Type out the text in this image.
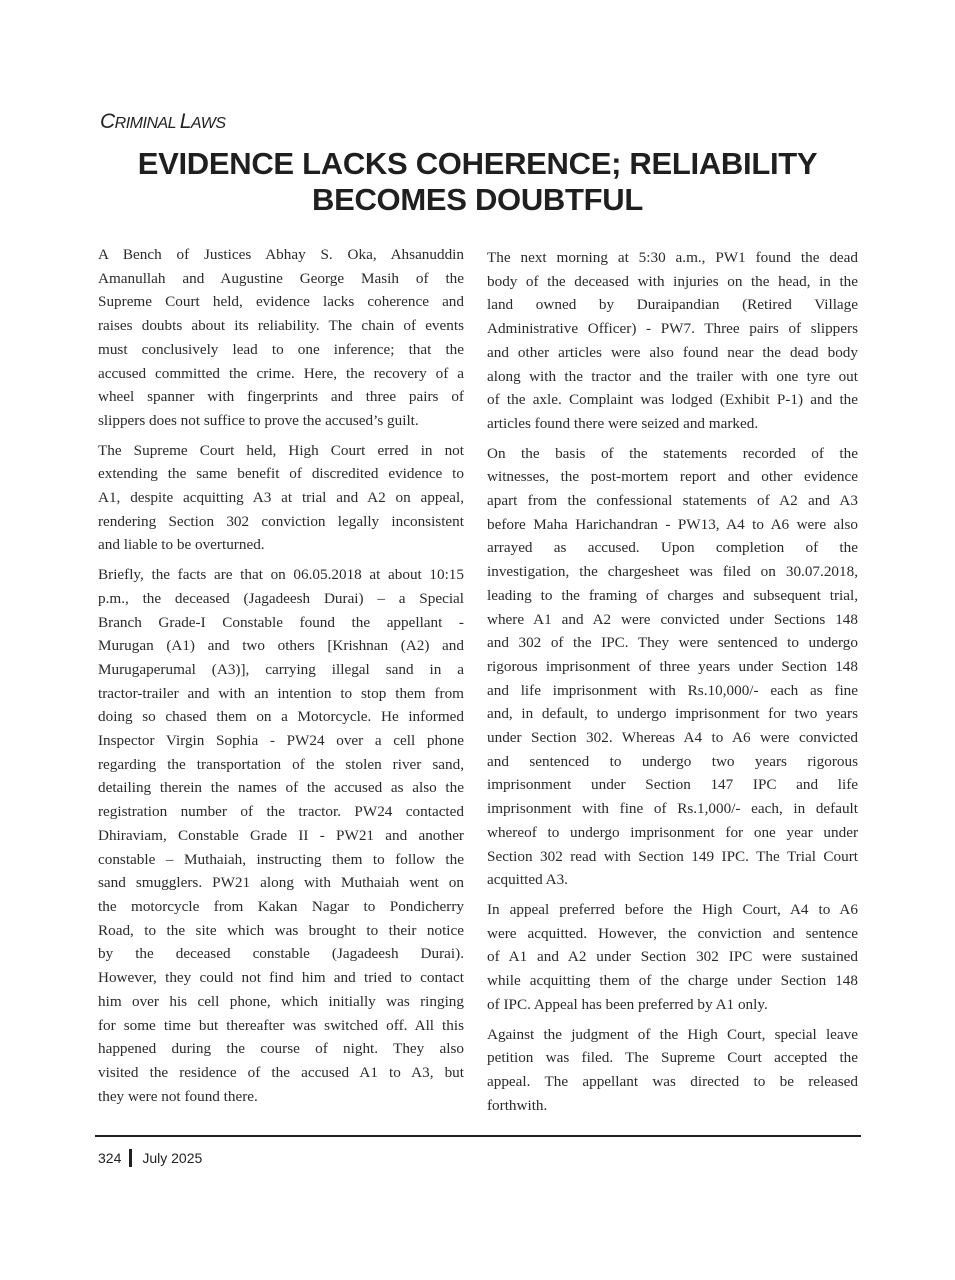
CRIMINAL LAWS
EVIDENCE LACKS COHERENCE; RELIABILITY
BECOMES DOUBTFUL
A Bench of Justices Abhay S. Oka, Ahsanuddin
Amanullah and Augustine George Masih of the
Supreme Court held, evidence lacks coherence and
raises doubts about its reliability. The chain of events
must conclusively lead to one inference; that the
accused committed the crime. Here, the recovery of a
wheel spanner with fingerprints and three pairs of
slippers does not suffice to prove the accused’s guilt.
The Supreme Court held, High Court erred in not
extending the same benefit of discredited evidence to
A1, despite acquitting A3 at trial and A2 on appeal,
rendering Section 302 conviction legally inconsistent
and liable to be overturned.
Briefly, the facts are that on 06.05.2018 at about 10:15
p.m., the deceased (Jagadeesh Durai) – a Special
Branch Grade-I Constable found the appellant -
Murugan (A1) and two others [Krishnan (A2) and
Murugaperumal (A3)], carrying illegal sand in a
tractor-trailer and with an intention to stop them from
doing so chased them on a Motorcycle. He informed
Inspector Virgin Sophia - PW24 over a cell phone
regarding the transportation of the stolen river sand,
detailing therein the names of the accused as also the
registration number of the tractor. PW24 contacted
Dhiraviam, Constable Grade II - PW21 and another
constable – Muthaiah, instructing them to follow the
sand smugglers. PW21 along with Muthaiah went on
the motorcycle from Kakan Nagar to Pondicherry
Road, to the site which was brought to their notice
by the deceased constable (Jagadeesh Durai).
However, they could not find him and tried to contact
him over his cell phone, which initially was ringing
for some time but thereafter was switched off. All this
happened during the course of night. They also
visited the residence of the accused A1 to A3, but
they were not found there.
The next morning at 5:30 a.m., PW1 found the dead
body of the deceased with injuries on the head, in the
land owned by Duraipandian (Retired Village
Administrative Officer) - PW7. Three pairs of slippers
and other articles were also found near the dead body
along with the tractor and the trailer with one tyre out
of the axle. Complaint was lodged (Exhibit P-1) and the
articles found there were seized and marked.
On the basis of the statements recorded of the
witnesses, the post-mortem report and other evidence
apart from the confessional statements of A2 and A3
before Maha Harichandran - PW13, A4 to A6 were also
arrayed as accused. Upon completion of the
investigation, the chargesheet was filed on 30.07.2018,
leading to the framing of charges and subsequent trial,
where A1 and A2 were convicted under Sections 148
and 302 of the IPC. They were sentenced to undergo
rigorous imprisonment of three years under Section 148
and life imprisonment with Rs.10,000/- each as fine
and, in default, to undergo imprisonment for two years
under Section 302. Whereas A4 to A6 were convicted
and sentenced to undergo two years rigorous
imprisonment under Section 147 IPC and life
imprisonment with fine of Rs.1,000/- each, in default
whereof to undergo imprisonment for one year under
Section 302 read with Section 149 IPC. The Trial Court
acquitted A3.
In appeal preferred before the High Court, A4 to A6
were acquitted. However, the conviction and sentence
of A1 and A2 under Section 302 IPC were sustained
while acquitting them of the charge under Section 148
of IPC. Appeal has been preferred by A1 only.
Against the judgment of the High Court, special leave
petition was filed. The Supreme Court accepted the
appeal. The appellant was directed to be released
forthwith.
324 July 2025
